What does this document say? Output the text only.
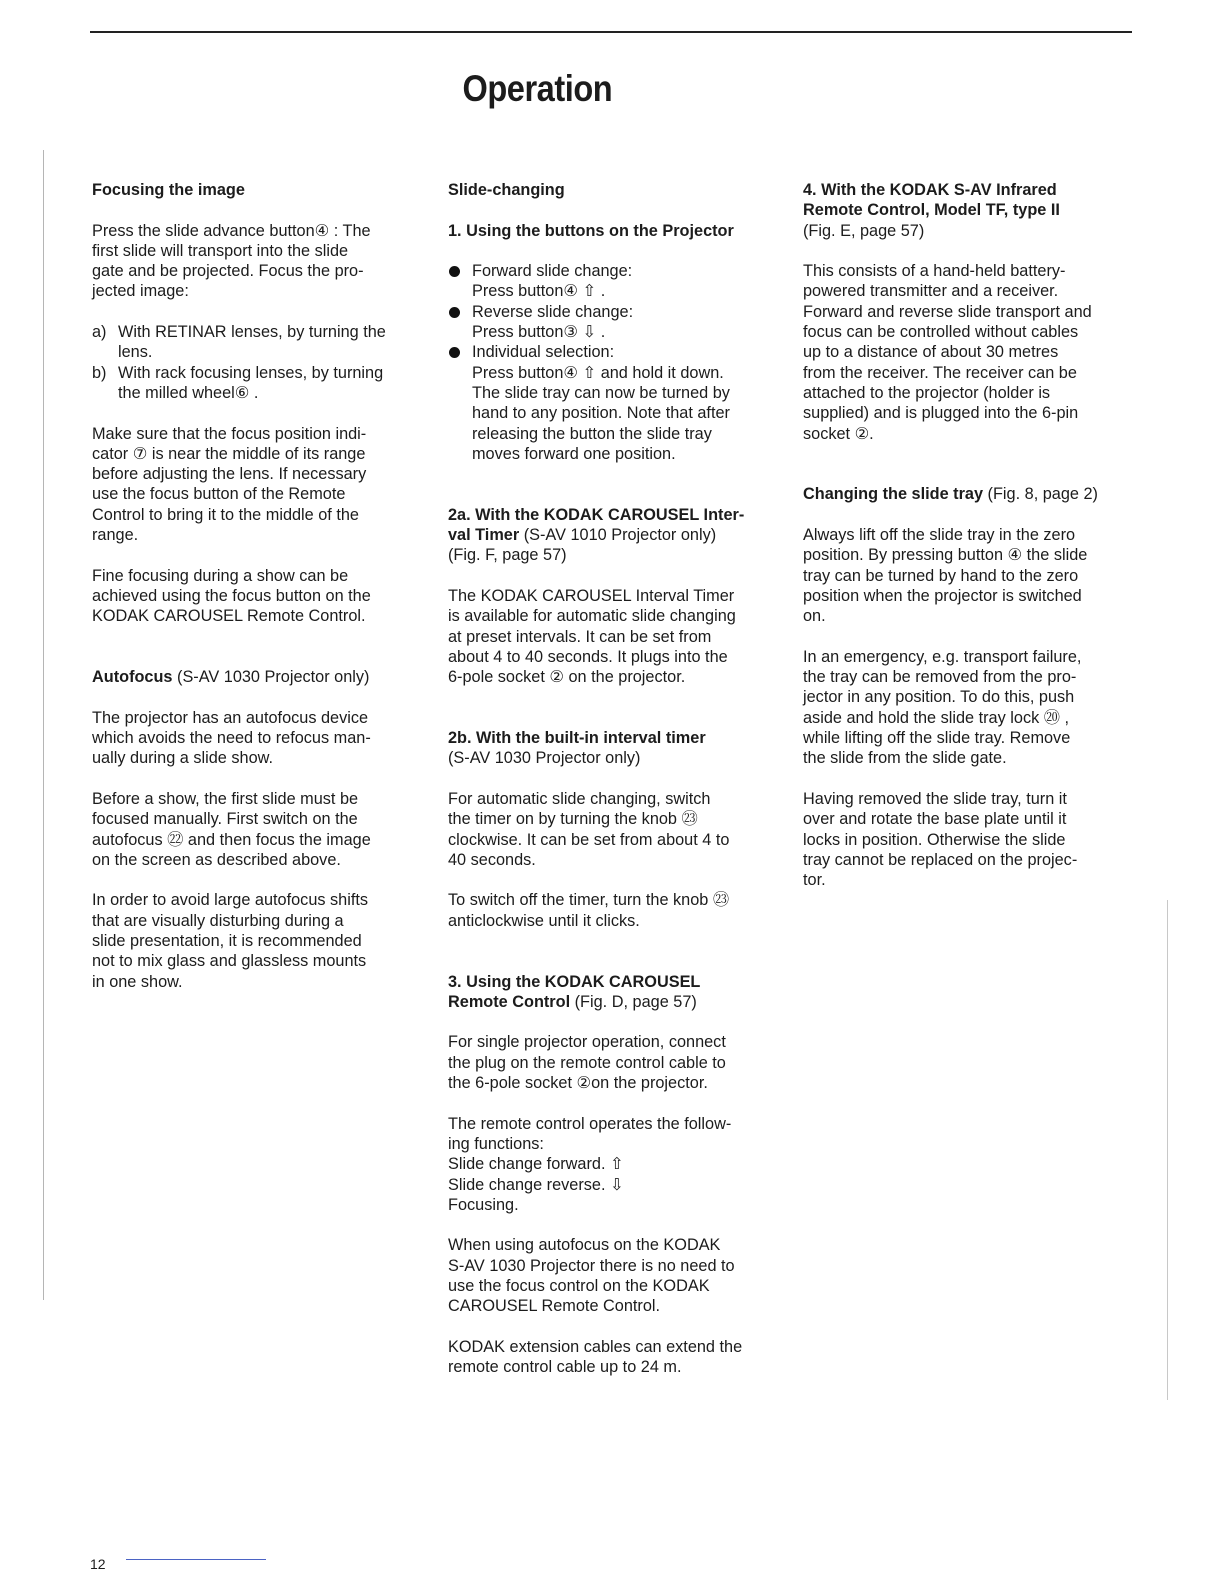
Operation
Focusing the image

Press the slide advance button④ : The
first slide will transport into the slide
gate and be projected. Focus the pro-
jected image:

a) With RETINAR lenses, by turning the
lens.
b) With rack focusing lenses, by turning
the milled wheel⑥ .

Make sure that the focus position indi-
cator ⑦ is near the middle of its range
before adjusting the lens. If necessary
use the focus button of the Remote
Control to bring it to the middle of the
range.

Fine focusing during a show can be
achieved using the focus button on the
KODAK CAROUSEL Remote Control.

Autofocus (S-AV 1030 Projector only)

The projector has an autofocus device
which avoids the need to refocus man-
ually during a slide show.

Before a show, the first slide must be
focused manually. First switch on the
autofocus ㉒ and then focus the image
on the screen as described above.

In order to avoid large autofocus shifts
that are visually disturbing during a
slide presentation, it is recommended
not to mix glass and glassless mounts
in one show.

Slide-changing
1. Using the buttons on the Projector
Forward slide change:
Press button④ ⇧ .
Reverse slide change:
Press button③ ⇩ .
Individual selection:
Press button④ ⇧ and hold it down.
The slide tray can now be turned by
hand to any position. Note that after
releasing the button the slide tray
moves forward one position.
2a. With the KODAK CAROUSEL Inter-
val Timer (S-AV 1010 Projector only)
(Fig. F, page 57)

The KODAK CAROUSEL Interval Timer
is available for automatic slide changing
at preset intervals. It can be set from
about 4 to 40 seconds. It plugs into the
6-pole socket ② on the projector.

2b. With the built-in interval timer
(S-AV 1030 Projector only)

For automatic slide changing, switch
the timer on by turning the knob ㉓
clockwise. It can be set from about 4 to
40 seconds.

To switch off the timer, turn the knob ㉓
anticlockwise until it clicks.

3. Using the KODAK CAROUSEL
Remote Control (Fig. D, page 57)

For single projector operation, connect
the plug on the remote control cable to
the 6-pole socket ②on the projector.

The remote control operates the follow-
ing functions:
Slide change forward. ⇧
Slide change reverse. ⇩
Focusing.

When using autofocus on the KODAK
S-AV 1030 Projector there is no need to
use the focus control on the KODAK
CAROUSEL Remote Control.

KODAK extension cables can extend the
remote control cable up to 24 m.

4. With the KODAK S-AV Infrared
Remote Control, Model TF, type II
(Fig. E, page 57)

This consists of a hand-held battery-
powered transmitter and a receiver.
Forward and reverse slide transport and
focus can be controlled without cables
up to a distance of about 30 metres
from the receiver. The receiver can be
attached to the projector (holder is
supplied) and is plugged into the 6-pin
socket ②.

Changing the slide tray (Fig. 8, page 2)

Always lift off the slide tray in the zero
position. By pressing button ④ the slide
tray can be turned by hand to the zero
position when the projector is switched
on.

In an emergency, e.g. transport failure,
the tray can be removed from the pro-
jector in any position. To do this, push
aside and hold the slide tray lock ⑳ ,
while lifting off the slide tray. Remove
the slide from the slide gate.

Having removed the slide tray, turn it
over and rotate the base plate until it
locks in position. Otherwise the slide
tray cannot be replaced on the projec-
tor.

12
